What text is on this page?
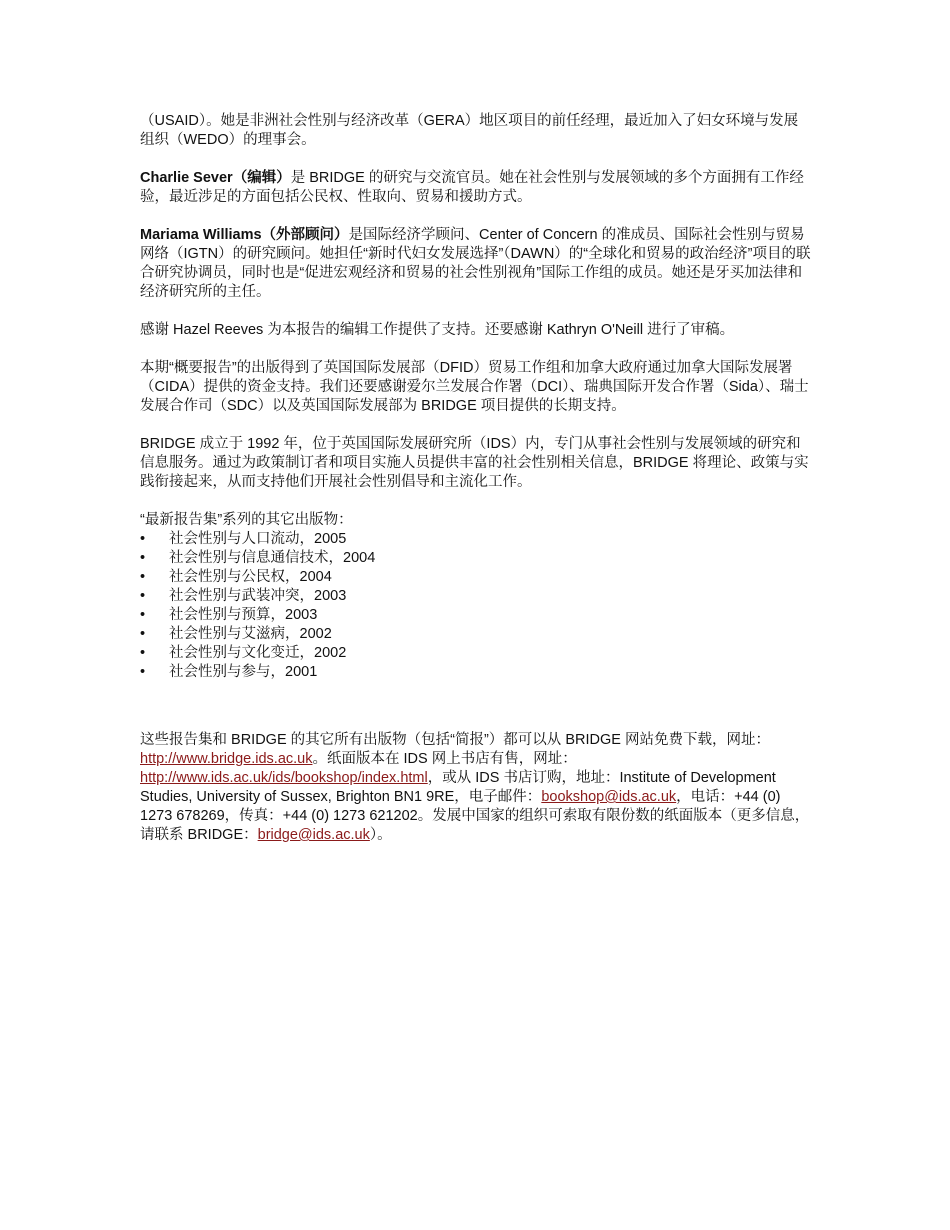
（USAID）。她是非洲社会性别与经济改革（GERA）地区项目的前任经理，最近加入了妇女环境与发展组织（WEDO）的理事会。

Charlie Sever（编辑）是 BRIDGE 的研究与交流官员。她在社会性别与发展领域的多个方面拥有工作经验，最近涉足的方面包括公民权、性取向、贸易和援助方式。

Mariama Williams（外部顾问）是国际经济学顾问、Center of Concern 的准成员、国际社会性别与贸易网络（IGTN）的研究顾问。她担任“新时代妇女发展选择”（DAWN）的“全球化和贸易的政治经济”项目的联合研究协调员，同时也是“促进宏观经济和贸易的社会性别视角”国际工作组的成员。她还是牙买加法律和经济研究所的主任。

感谢 Hazel Reeves 为本报告的编辑工作提供了支持。还要感谢 Kathryn O'Neill 进行了审稿。

本期“概要报告”的出版得到了英国国际发展部（DFID）贸易工作组和加拿大政府通过加拿大国际发展署（CIDA）提供的资金支持。我们还要感谢爱尔兰发展合作署（DCI）、瑞典国际开发合作署（Sida）、瑞士发展合作司（SDC）以及英国国际发展部为 BRIDGE 项目提供的长期支持。

BRIDGE 成立于 1992 年，位于英国国际发展研究所（IDS）内，专门从事社会性别与发展领域的研究和信息服务。通过为政策制订者和项目实施人员提供丰富的社会性别相关信息，BRIDGE 将理论、政策与实践衔接起来，从而支持他们开展社会性别倡导和主流化工作。

“最新报告集”系列的其它出版物：
• 社会性别与人口流动，2005
• 社会性别与信息通信技术，2004
• 社会性别与公民权，2004
• 社会性别与武装冲突，2003
• 社会性别与预算，2003
• 社会性别与艾滋病，2002
• 社会性别与文化变迁，2002
• 社会性别与参与，2001

这些报告集和 BRIDGE 的其它所有出版物（包括“简报”）都可以从 BRIDGE 网站免费下载，网址：http://www.bridge.ids.ac.uk。纸面版本在 IDS 网上书店有售，网址：http://www.ids.ac.uk/ids/bookshop/index.html，或从 IDS 书店订购，地址：Institute of Development Studies, University of Sussex, Brighton BN1 9RE，电子邮件：bookshop@ids.ac.uk，电话：+44 (0) 1273 678269，传真：+44 (0) 1273 621202。发展中国家的组织可索取有限份数的纸面版本（更多信息，请联系 BRIDGE：bridge@ids.ac.uk）。
